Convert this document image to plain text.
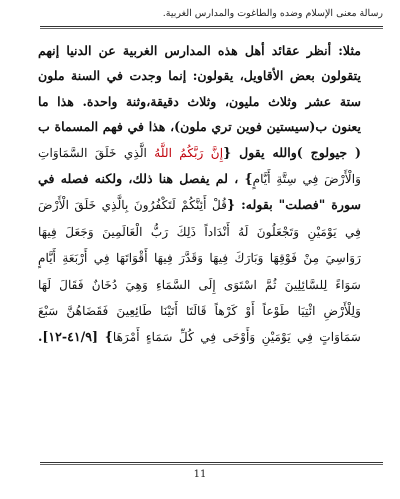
رسالة معنى الإسلام وضده والطاغوت والمدارس الغربية.
مثلا: أنظر عقائد أهل هذه المدارس الغربية عن الدنيا إنهم
يتقولون بعض الأقاويل، يقولون: إنما وجدت في السنة ملون
ستة عشر وثلاث مليون، وثلاث دقيقة،وثنة واحدة. هذا ما
يعنون ب(سيستين فوين تري ملون)، هذا في فهم المسماة ب
( جيولوج )والله يقول {إِنَّ رَبَّكُمُ اللَّهُ الَّذِي خَلَقَ السَّمَاوَاتِ
وَالْأَرْضَ فِي سِتَّةِ أَيَّامٍ} ، لم يفصل هنا ذلك، ولكنه فصله في
سورة "فصلت" بقوله: {قُلْ أَئِنَّكُمْ لَتَكْفُرُونَ بِالَّذِي خَلَقَ الْأَرْضَ
فِي يَوْمَيْنِ وَتَجْعَلُونَ لَهُ أَنْدَاداً ذَلِكَ رَبُّ الْعَالَمِينَ وَجَعَلَ فِيهَا
رَوَاسِيَ مِنْ فَوْقِهَا وَبَارَكَ فِيهَا وَقَدَّرَ فِيهَا أَقْوَاتَهَا فِي أَرْبَعَةِ أَيَّامٍ
سَوَاءً لِلسَّائِلِينَ ثُمَّ اسْتَوَى إِلَى السَّمَاءِ وَهِيَ دُخَانٌ فَقَالَ لَهَا
وَلِلْأَرْضِ ائْتِيَا طَوْعاً أَوْ كَرْهاً قَالَتَا أَتَيْنَا طَائِعِينَ فَقَضَاهُنَّ سَبْعَ
سَمَاوَاتٍ فِي يَوْمَيْنِ وَأَوْحَى فِي كُلِّ سَمَاءٍ أَمْرَهَا} [٤١/٩-١٢].
11
